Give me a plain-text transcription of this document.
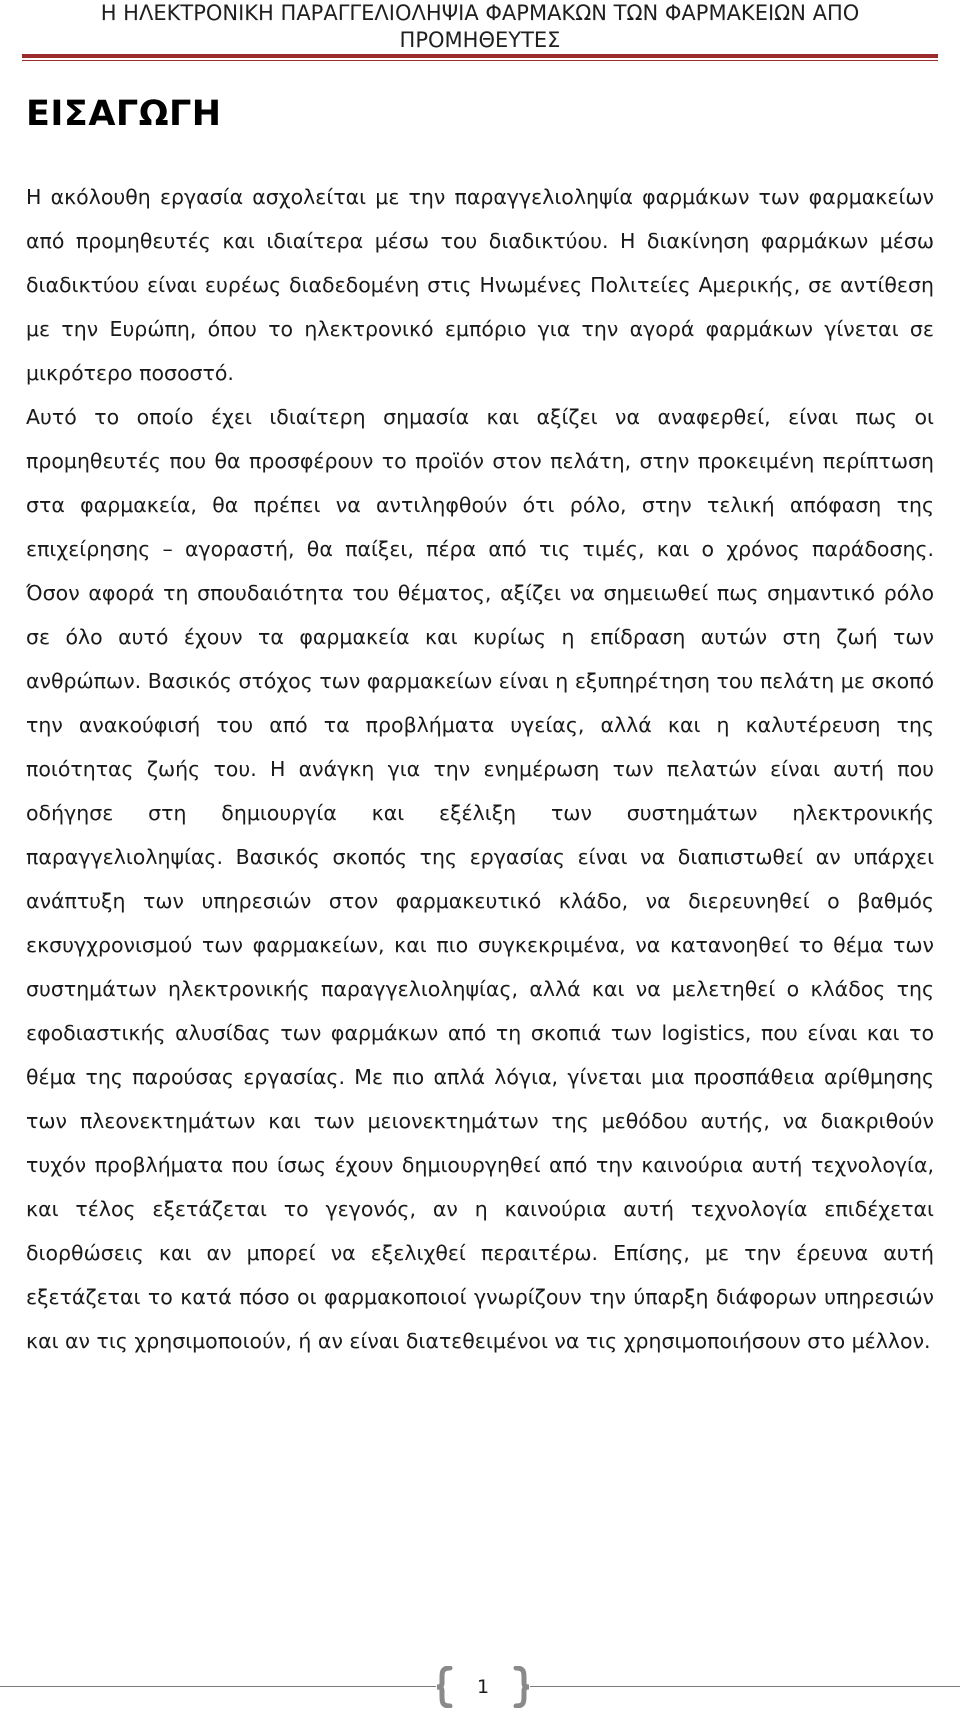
Η ΗΛΕΚΤΡΟΝΙΚΗ ΠΑΡΑΓΓΕΛΙΟΛΗΨΙΑ ΦΑΡΜΑΚΩΝ ΤΩΝ ΦΑΡΜΑΚΕΙΩΝ ΑΠΟ
ΠΡΟΜΗΘΕΥΤΕΣ
ΕΙΣΑΓΩΓΗ

Η ακόλουθη εργασία ασχολείται με την παραγγελιοληψία φαρμάκων των φαρμακείων από προμηθευτές και ιδιαίτερα μέσω του διαδικτύου. Η διακίνηση φαρμάκων μέσω διαδικτύου είναι ευρέως διαδεδομένη στις Ηνωμένες Πολιτείες Αμερικής, σε αντίθεση με την Ευρώπη, όπου το ηλεκτρονικό εμπόριο για την αγορά φαρμάκων γίνεται σε μικρότερο ποσοστό.

Αυτό το οποίο έχει ιδιαίτερη σημασία και αξίζει να αναφερθεί, είναι πως οι προμηθευτές που θα προσφέρουν το προϊόν στον πελάτη, στην προκειμένη περίπτωση στα φαρμακεία, θα πρέπει να αντιληφθούν ότι ρόλο, στην τελική απόφαση της επιχείρησης – αγοραστή, θα παίξει, πέρα από τις τιμές, και ο χρόνος παράδοσης.

Όσον αφορά τη σπουδαιότητα του θέματος, αξίζει να σημειωθεί πως σημαντικό ρόλο σε όλο αυτό έχουν τα φαρμακεία και κυρίως η επίδραση αυτών στη ζωή των ανθρώπων. Βασικός στόχος των φαρμακείων είναι η εξυπηρέτηση του πελάτη με σκοπό την ανακούφισή του από τα προβλήματα υγείας, αλλά και η καλυτέρευση της ποιότητας ζωής του. Η ανάγκη για την ενημέρωση των πελατών είναι αυτή που οδήγησε στη δημιουργία και εξέλιξη των συστημάτων ηλεκτρονικής παραγγελιοληψίας. Βασικός σκοπός της εργασίας είναι να διαπιστωθεί αν υπάρχει ανάπτυξη των υπηρεσιών στον φαρμακευτικό κλάδο, να διερευνηθεί ο βαθμός εκσυγχρονισμού των φαρμακείων, και πιο συγκεκριμένα, να κατανοηθεί το θέμα των συστημάτων ηλεκτρονικής παραγγελιοληψίας, αλλά και να μελετηθεί ο κλάδος της εφοδιαστικής αλυσίδας των φαρμάκων από τη σκοπιά των logistics, που είναι και το θέμα της παρούσας εργασίας. Με πιο απλά λόγια, γίνεται μια προσπάθεια αρίθμησης των πλεονεκτημάτων και των μειονεκτημάτων της μεθόδου αυτής, να διακριθούν τυχόν προβλήματα που ίσως έχουν δημιουργηθεί από την καινούρια αυτή τεχνολογία, και τέλος εξετάζεται το γεγονός, αν η καινούρια αυτή τεχνολογία επιδέχεται διορθώσεις και αν μπορεί να εξελιχθεί περαιτέρω. Επίσης, με την έρευνα αυτή εξετάζεται το κατά πόσο οι φαρμακοποιοί γνωρίζουν την ύπαρξη διάφορων υπηρεσιών και αν τις χρησιμοποιούν, ή αν είναι διατεθειμένοι να τις χρησιμοποιήσουν στο μέλλον.

1
